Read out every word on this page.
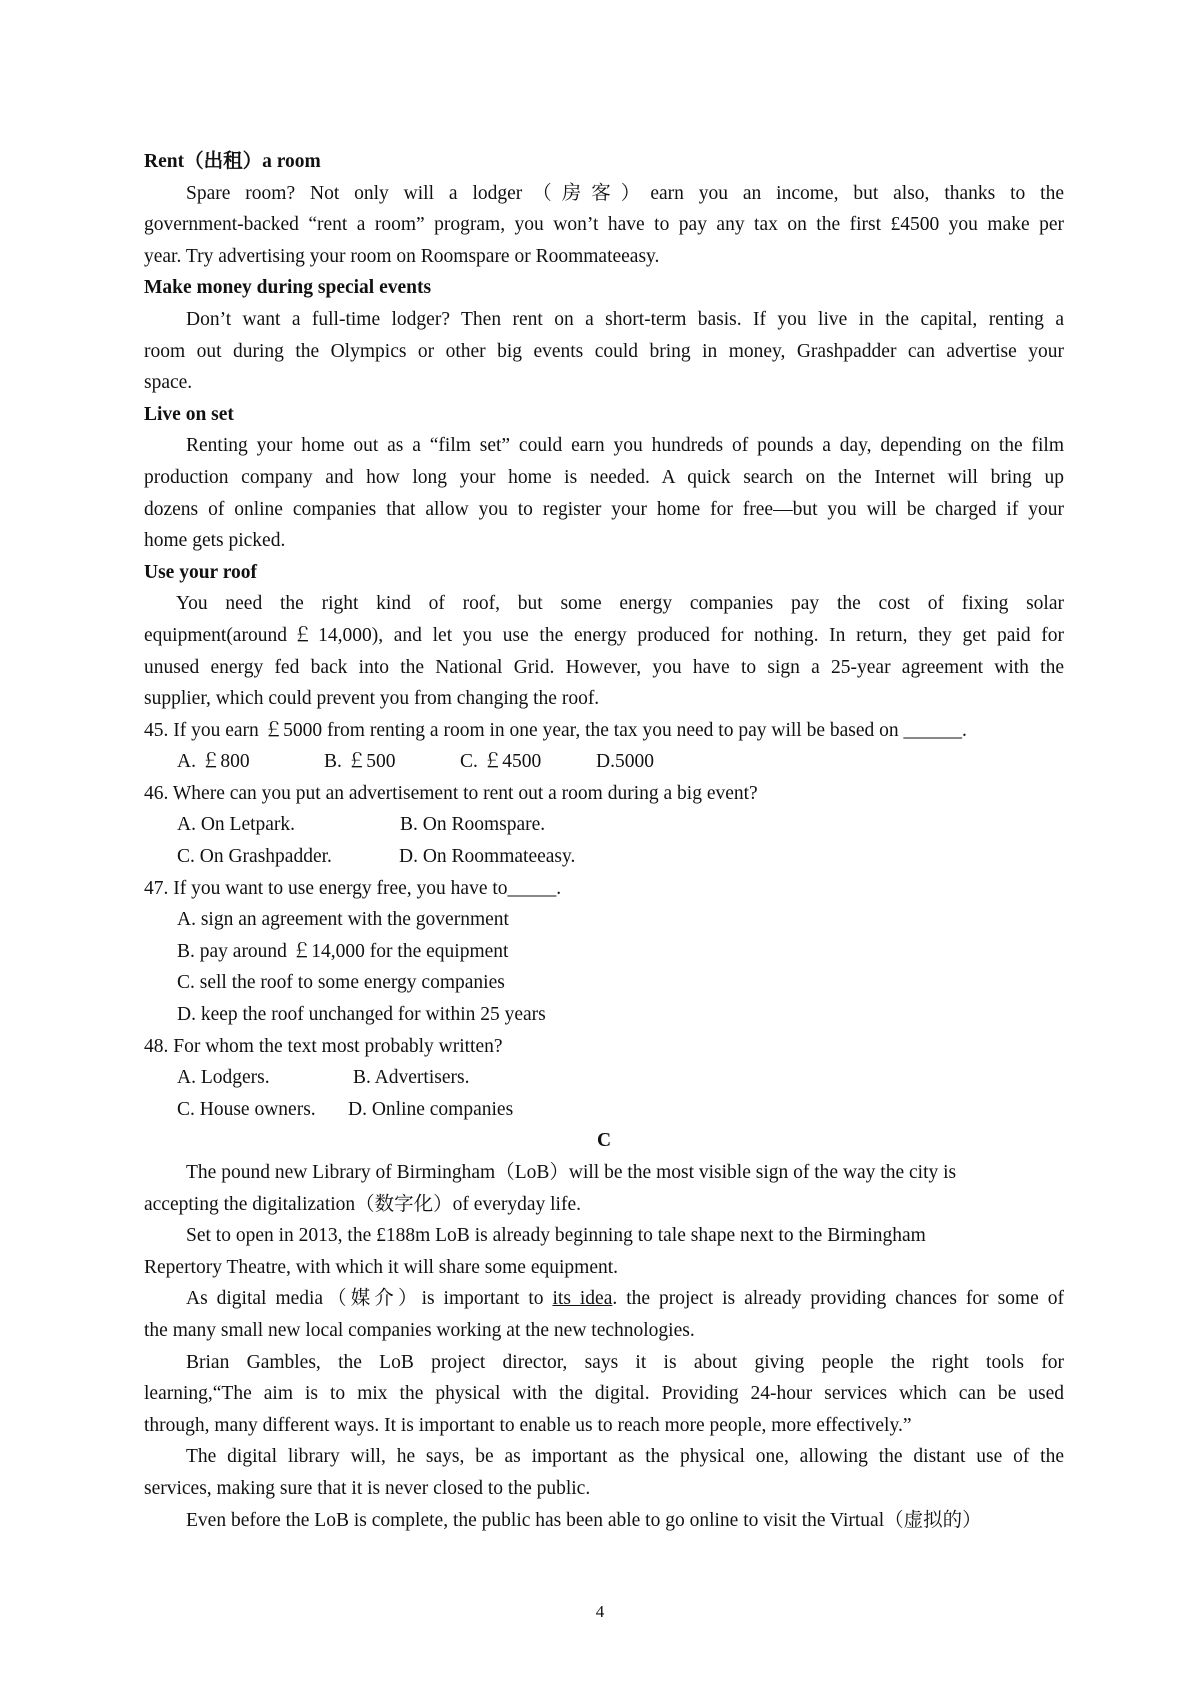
Rent（出租）a room
Spare room? Not only will a lodger（房客）earn you an income, but also, thanks to the
government-backed “rent a room” program, you won’t have to pay any tax on the first £4500 you make per
year. Try advertising your room on Roomspare or Roommateeasy.
Make money during special events
Don’t want a full-time lodger? Then rent on a short-term basis. If you live in the capital, renting a
room out during the Olympics or other big events could bring in money, Grashpadder can advertise your
space.
Live on set
Renting your home out as a “film set” could earn you hundreds of pounds a day, depending on the film
production company and how long your home is needed. A quick search on the Internet will bring up
dozens of online companies that allow you to register your home for free—but you will be charged if your
home gets picked.
Use your roof
You need the right kind of roof, but some energy companies pay the cost of fixing solar
equipment(around￡14,000), and let you use the energy produced for nothing. In return, they get paid for
unused energy fed back into the National Grid. However, you have to sign a 25-year agreement with the
supplier, which could prevent you from changing the roof.
45. If you earn ￡5000 from renting a room in one year, the tax you need to pay will be based on ______.
A. ￡800	B. ￡500	C. ￡4500	D.5000
46. Where can you put an advertisement to rent out a room during a big event?
A. On Letpark.	B. On Roomspare.
C. On Grashpadder.	D. On Roommateeasy.
47. If you want to use energy free, you have to_____.
A. sign an agreement with the government
B. pay around ￡14,000 for the equipment
C. sell the roof to some energy companies
D. keep the roof unchanged for within 25 years
48. For whom the text most probably written?
A. Lodgers.	B. Advertisers.
C. House owners. D. Online companies
C
The pound new Library of Birmingham（LoB）will be the most visible sign of the way the city is
accepting the digitalization（数字化）of everyday life.
Set to open in 2013, the £188m LoB is already beginning to tale shape next to the Birmingham
Repertory Theatre, with which it will share some equipment.
As digital media（媒介）is important to its idea. the project is already providing chances for some of
the many small new local companies working at the new technologies.
Brian Gambles, the LoB project director, says it is about giving people the right tools for
learning,“The aim is to mix the physical with the digital. Providing 24-hour services which can be used
through, many different ways. It is important to enable us to reach more people, more effectively.”
The digital library will, he says, be as important as the physical one, allowing the distant use of the
services, making sure that it is never closed to the public.
Even before the LoB is complete, the public has been able to go online to visit the Virtual（虚拟的）
4
